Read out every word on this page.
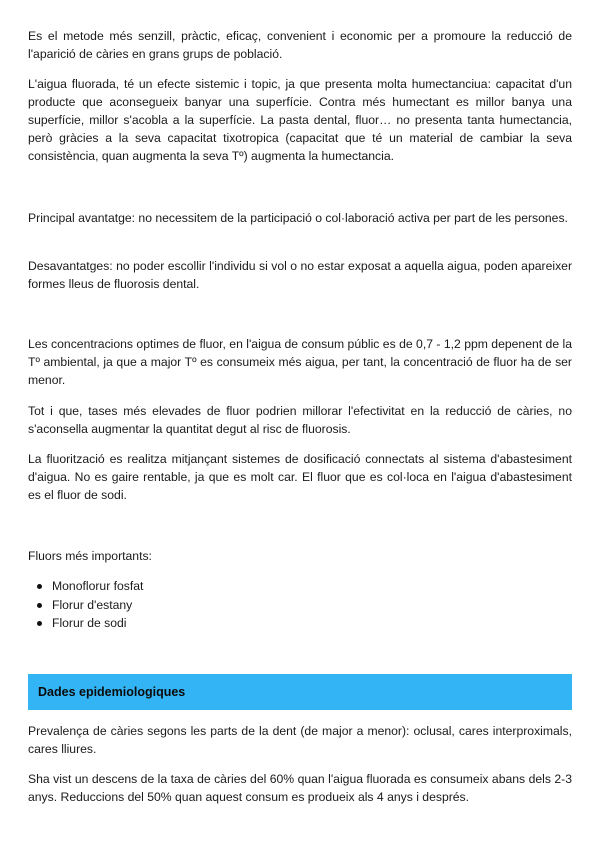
Es el metode més senzill, pràctic, eficaç, convenient i economic per a promoure la reducció de l'aparició de càries en grans grups de població.

L'aigua fluorada, té un efecte sistemic i topic, ja que presenta molta humectanciua: capacitat d'un producte que aconsegueix banyar una superfície. Contra més humectant es millor banya una superfície, millor s'acobla a la superfície. La pasta dental, fluor… no presenta tanta humectancia, però gràcies a la seva capacitat tixotropica (capacitat que té un material de cambiar la seva consistència, quan augmenta la seva Tº) augmenta la humectancia.

Principal avantatge: no necessitem de la participació o col·laboració activa per part de les persones.

Desavantatges: no poder escollir l'individu si vol o no estar exposat a aquella aigua, poden apareixer formes lleus de fluorosis dental.

Les concentracions optimes de fluor, en l'aigua de consum públic es de 0,7 - 1,2 ppm depenent de la Tº ambiental, ja que a major Tº es consumeix més aigua, per tant, la concentració de fluor ha de ser menor.

Tot i que, tases més elevades de fluor podrien millorar l'efectivitat en la reducció de càries, no s'aconsella augmentar la quantitat degut al risc de fluorosis.

La fluorització es realitza mitjançant sistemes de dosificació connectats al sistema d'abastesiment d'aigua. No es gaire rentable, ja que es molt car. El fluor que es col·loca en l'aigua d'abastesiment es el fluor de sodi.

Fluors més importants:

Monoflorur fosfat
Florur d'estany
Florur de sodi
Dades epidemiologiques

Prevalença de càries segons les parts de la dent (de major a menor): oclusal, cares interproximals, cares lliures.

Sha vist un descens de la taxa de càries del 60% quan l'aigua fluorada es consumeix abans dels 2-3 anys. Reduccions del 50% quan aquest consum es produeix als 4 anys i després.
